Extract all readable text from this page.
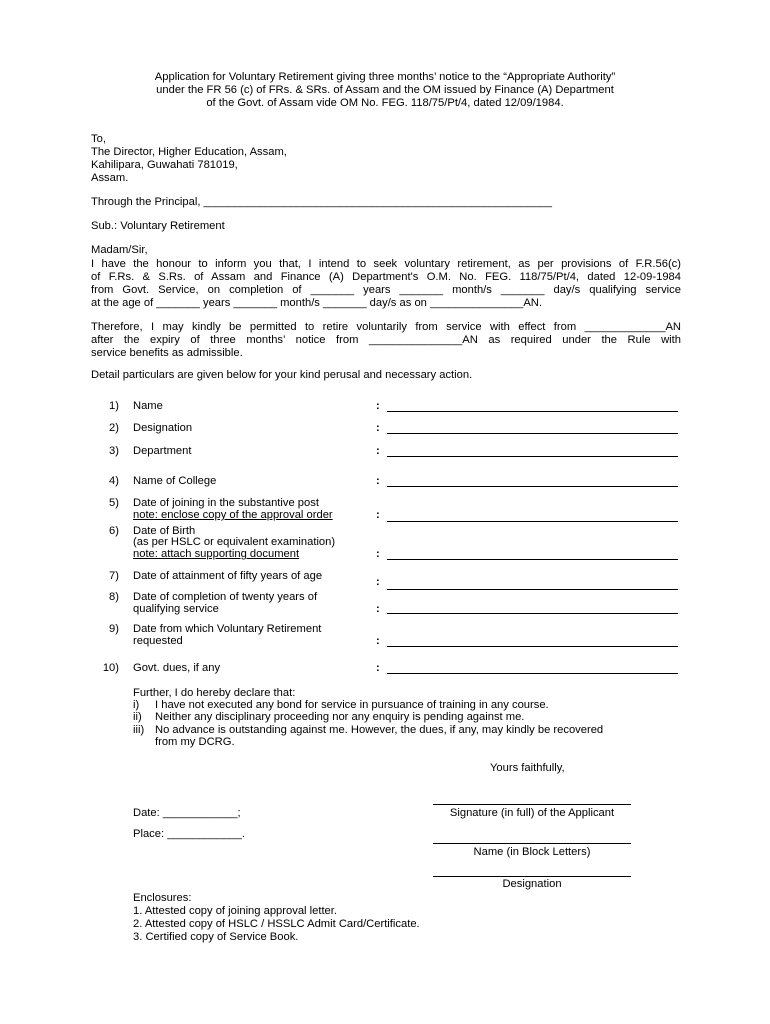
Application for Voluntary Retirement giving three months’ notice to the “Appropriate Authority”
under the FR 56 (c) of FRs. & SRs. of Assam and the OM issued by Finance (A) Department
of the Govt. of Assam vide OM No. FEG. 118/75/Pt/4, dated 12/09/1984.
To,
The Director, Higher Education, Assam,
Kahilipara, Guwahati 781019,
Assam.
Through the Principal, ________________________________________________________
Sub.: Voluntary Retirement
Madam/Sir,
I have the honour to inform you that, I intend to seek voluntary retirement, as per provisions of F.R.56(c)
of F.Rs. & S.Rs. of Assam and Finance (A) Department's O.M. No. FEG. 118/75/Pt/4, dated 12-09-1984
from Govt. Service, on completion of _______ years _______ month/s _______ day/s qualifying service
at the age of _______ years _______ month/s _______ day/s as on _______________AN.
Therefore, I may kindly be permitted to retire voluntarily from service with effect from _____________AN
after the expiry of three months’ notice from _______________AN as required under the Rule with
service benefits as admissible.
Detail particulars are given below for your kind perusal and necessary action.
1) Name	:
2) Designation	:
3) Department	:
4) Name of College	:
5) Date of joining in the substantive post
note: enclose copy of the approval order	:
6) Date of Birth
(as per HSLC or equivalent examination)
note: attach supporting document	:
7) Date of attainment of fifty years of age	:
8) Date of completion of twenty years of
qualifying service	:
9) Date from which Voluntary Retirement
requested	:
10) Govt. dues, if any	:
Further, I do hereby declare that:
i) I have not executed any bond for service in pursuance of training in any course.
ii) Neither any disciplinary proceeding nor any enquiry is pending against me.
iii) No advance is outstanding against me. However, the dues, if any, may kindly be recovered
from my DCRG.
Yours faithfully,
Date: ____________;
Place: ____________.
Signature (in full) of the Applicant
Name (in Block Letters)
Designation
Enclosures:
1. Attested copy of joining approval letter.
2. Attested copy of HSLC / HSSLC Admit Card/Certificate.
3. Certified copy of Service Book.
